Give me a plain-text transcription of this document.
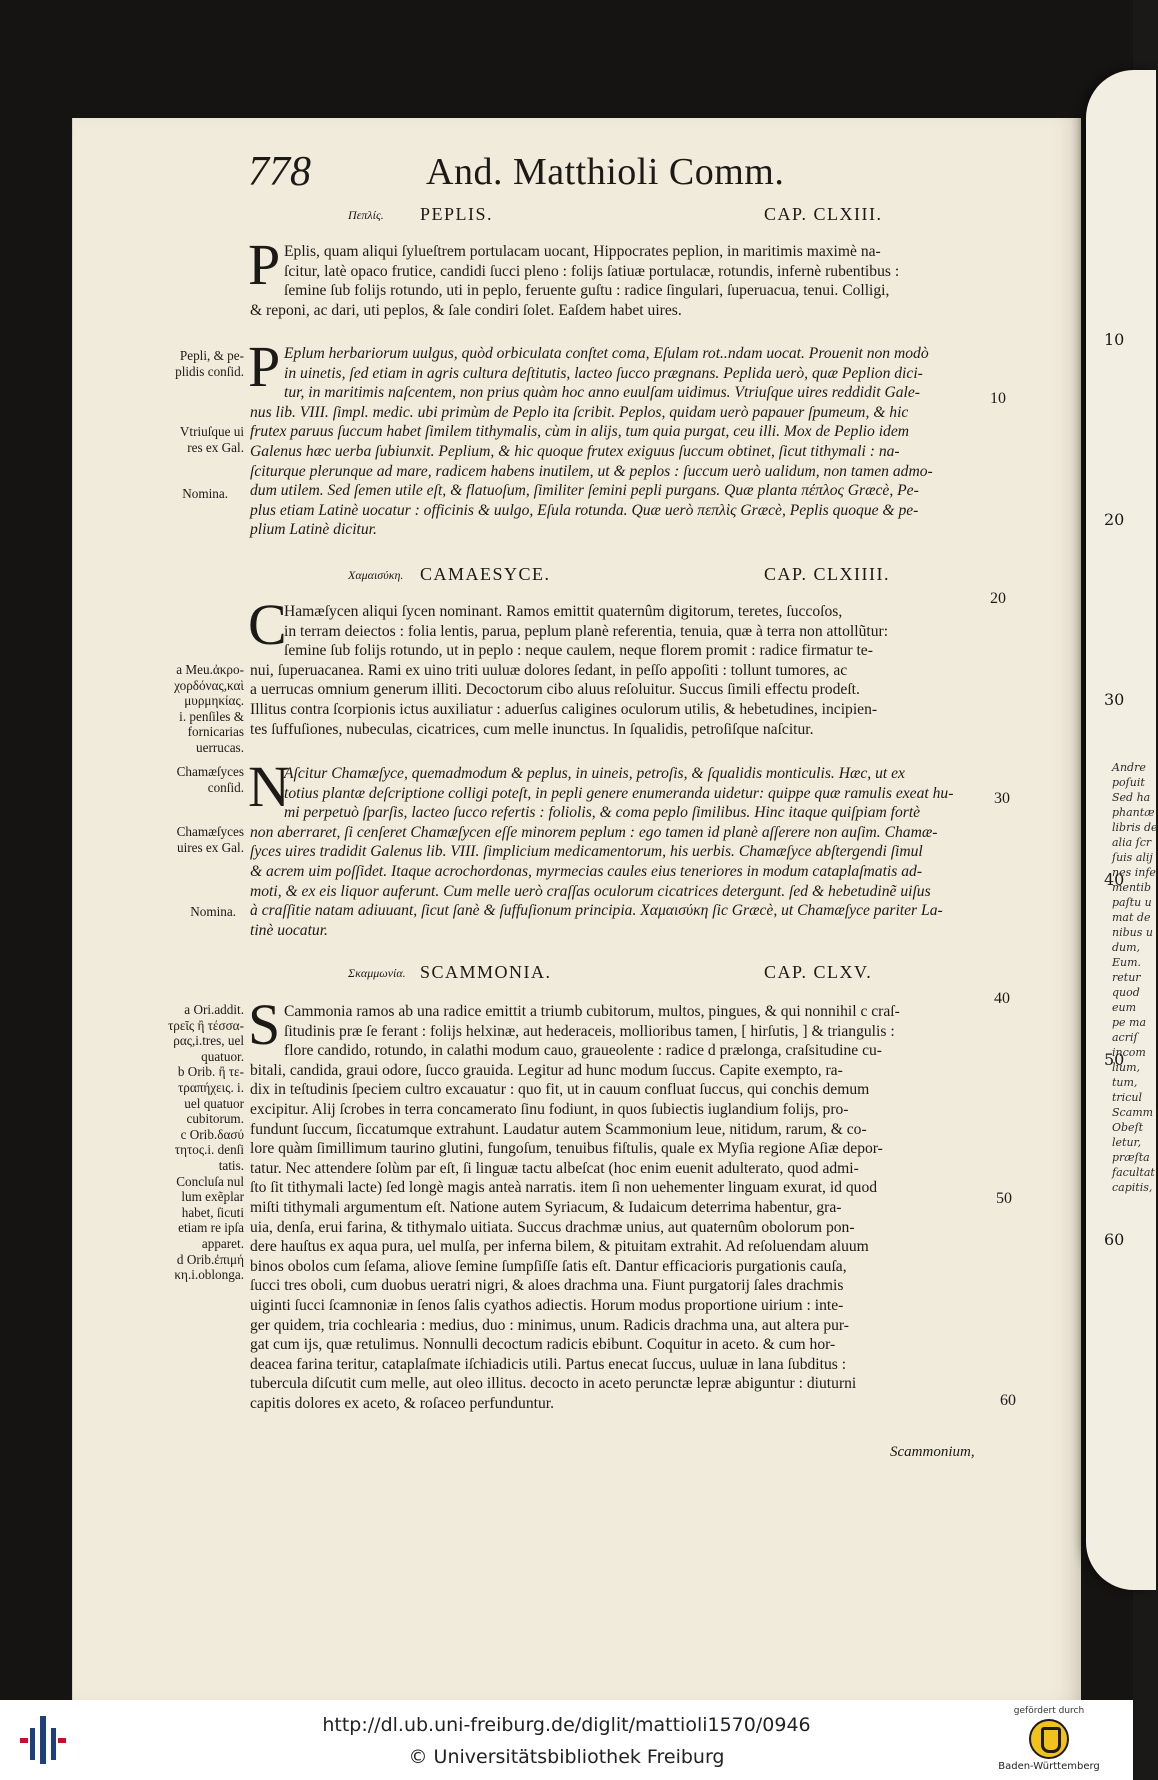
10
20
30
40
50
60
Andre
poſuit
Sed ha
phantæ
libris de
alia ſcr
ſuis alij
nes infe
mentib
paſtu u
mat de
nibus u
dum,
Eum.
retur
quod
eum
pe ma
acriſ
incom
lium,
tum,
tricul
Scamm
Obeſt
letur,
præſta
facultat
capitis,
778	And. Matthioli Comm.
Πεπλίς. PEPLIS.	CAP. CLXIII.
P Eplis, quam aliqui ſylueſtrem portulacam uocant, Hippocrates peplion, in maritimis maximè na-
ſcitur, latè opaco frutice, candidi ſucci pleno : folijs ſatiuæ portulacæ, rotundis, infernè rubentibus :
ſemine ſub folijs rotundo, uti in peplo, feruente guſtu : radice ſingulari, ſuperuacua, tenui. Colligi,
& reponi, ac dari, uti peplos, & ſale condiri ſolet. Eaſdem habet uires.
P Eplum herbariorum uulgus, quòd orbiculata conſtet coma, Eſulam rot..ndam uocat. Prouenit non modò
in uinetis, ſed etiam in agris cultura deſtitutis, lacteo ſucco prægnans. Peplida uerò, quæ Peplion dici-
tur, in maritimis naſcentem, non prius quàm hoc anno euulſam uidimus. Vtriuſque uires reddidit Gale-
nus lib. VIII. ſimpl. medic. ubi primùm de Peplo ita ſcribit. Peplos, quidam uerò papauer ſpumeum, & hic
frutex paruus ſuccum habet ſimilem tithymalis, cùm in alijs, tum quia purgat, ceu illi. Mox de Peplio idem
Galenus hæc uerba ſubiunxit. Peplium, & hic quoque frutex exiguus ſuccum obtinet, ſicut tithymali : na-
ſciturque plerunque ad mare, radicem habens inutilem, ut & peplos : ſuccum uerò ualidum, non tamen admo-
dum utilem. Sed ſemen utile eſt, & flatuoſum, ſimiliter ſemini pepli purgans. Quæ planta πέπλος Græcè, Pe-
plus etiam Latinè uocatur : officinis & uulgo, Eſula rotunda. Quæ uerò πεπλὶς Græcè, Peplis quoque & pe-
plium Latinè dicitur.
Pepli, & pe-
plidis conſid.
Vtriuſque ui
res ex Gal.
Nomina.
Χαμαισύκη. CAMAESYCE.	CAP. CLXIIII.
C
Hamæſycen aliqui ſycen nominant. Ramos emittit quaternûm digitorum, teretes, ſuccoſos,
in terram deiectos : folia lentis, parua, peplum planè referentia, tenuia, quæ à terra non attollũtur:
ſemine ſub folijs rotundo, ut in peplo : neque caulem, neque florem promit : radice firmatur te-
nui, ſuperuacanea. Rami ex uino triti uuluæ dolores ſedant, in peſſo appoſiti : tollunt tumores, ac
a uerrucas omnium generum illiti. Decoctorum cibo aluus reſoluitur. Succus ſimili effectu prodeſt.
Illitus contra ſcorpionis ictus auxiliatur : aduerſus caligines oculorum utilis, & hebetudines, incipien-
tes ſuffuſiones, nubeculas, cicatrices, cum melle inunctus. In ſqualidis, petroſiſque naſcitur.
N
Aſcitur Chamæſyce, quemadmodum & peplus, in uineis, petroſis, & ſqualidis monticulis. Hæc, ut ex
totius plantæ deſcriptione colligi poteſt, in pepli genere enumeranda uidetur: quippe quæ ramulis exeat hu-
mi perpetuò ſparſis, lacteo ſucco refertis : foliolis, & coma peplo ſimilibus. Hinc itaque quiſpiam fortè
non aberraret, ſi cenſeret Chamæſycen eſſe minorem peplum : ego tamen id planè aſſerere non auſim. Chamæ-
ſyces uires tradidit Galenus lib. VIII. ſimplicium medicamentorum, his uerbis. Chamæſyce abſtergendi ſimul
& acrem uim poſſidet. Itaque acrochordonas, myrmecias caules eius teneriores in modum cataplaſmatis ad-
moti, & ex eis liquor auferunt. Cum melle uerò craſſas oculorum cicatrices detergunt. ſed & hebetudinẽ uiſus
à craſſitie natam adiuuant, ſicut ſanè & ſuffuſionum principia. Χαμαισύκη ſic Græcè, ut Chamæſyce pariter La-
tinè uocatur.
a Meu.ἀκρο-
χορδόνας,καὶ
μυρμηκίας.
i. penſiles &
fornicarias
uerrucas.
Chamæſyces
conſid.
Chamæſyces
uires ex Gal.
Nomina.
Σκαμμωνία. SCAMMONIA.	CAP. CLXV.
S Cammonia ramos ab una radice emittit a triumb cubitorum, multos, pingues, & qui nonnihil c craſ-
ſitudinis præ ſe ferant : folijs helxinæ, aut hederaceis, mollioribus tamen, [ hirſutis, ] & triangulis :
flore candido, rotundo, in calathi modum cauo, graueolente : radice d prælonga, craſsitudine cu-
bitali, candida, graui odore, ſucco grauida. Legitur ad hunc modum ſuccus. Capite exempto, ra-
dix in teſtudinis ſpeciem cultro excauatur : quo fit, ut in cauum confluat ſuccus, qui conchis demum
excipitur. Alij ſcrobes in terra concamerato ſinu fodiunt, in quos ſubiectis iuglandium folijs, pro-
fundunt ſuccum, ſiccatumque extrahunt. Laudatur autem Scammonium leue, nitidum, rarum, & co-
lore quàm ſimillimum taurino glutini, fungoſum, tenuibus fiſtulis, quale ex Myſia regione Aſiæ depor-
tatur. Nec attendere ſolùm par eſt, ſi linguæ tactu albeſcat (hoc enim euenit adulterato, quod admi-
ſto ſit tithymali lacte) ſed longè magis anteà narratis. item ſi non uehementer linguam exurat, id quod
miſti tithymali argumentum eſt. Natione autem Syriacum, & Iudaicum deterrima habentur, gra-
uia, denſa, erui farina, & tithymalo uitiata. Succus drachmæ unius, aut quaternûm obolorum pon-
dere hauſtus ex aqua pura, uel mulſa, per inferna bilem, & pituitam extrahit. Ad reſoluendam aluum
binos obolos cum ſeſama, aliove ſemine ſumpſiſſe ſatis eſt. Dantur efficacioris purgationis cauſa,
ſucci tres oboli, cum duobus ueratri nigri, & aloes drachma una. Fiunt purgatorij ſales drachmis
uiginti ſucci ſcamnoniæ in ſenos ſalis cyathos adiectis. Horum modus proportione uirium : inte-
ger quidem, tria cochlearia : medius, duo : minimus, unum. Radicis drachma una, aut altera pur-
gat cum ijs, quæ retulimus. Nonnulli decoctum radicis ebibunt. Coquitur in aceto. & cum hor-
deacea farina teritur, cataplaſmate iſchiadicis utili. Partus enecat ſuccus, uuluæ in lana ſubditus :
tubercula diſcutit cum melle, aut oleo illitus. decocto in aceto perunctæ lepræ abiguntur : diuturni
capitis dolores ex aceto, & roſaceo perfunduntur.
a Ori.addit.
τρεῖς ἢ τέσσα-
ρας,i.tres, uel
quatuor.
b Orib. ἢ τε-
τραπήχεις. i.
uel quatuor
cubitorum.
c Orib.δασύ
τητος.i. denſi
tatis.
Concluſa nul
lum exẽplar
habet, ſicuti
etiam re ipſa
apparet.
d Orib.ἐπιμή
κη.i.oblonga.
10
20
30
40
50
60
Scammonium,
http://dl.ub.uni-freiburg.de/diglit/mattioli1570/0946
© Universitätsbibliothek Freiburg
gefördert durch
Baden-Württemberg
